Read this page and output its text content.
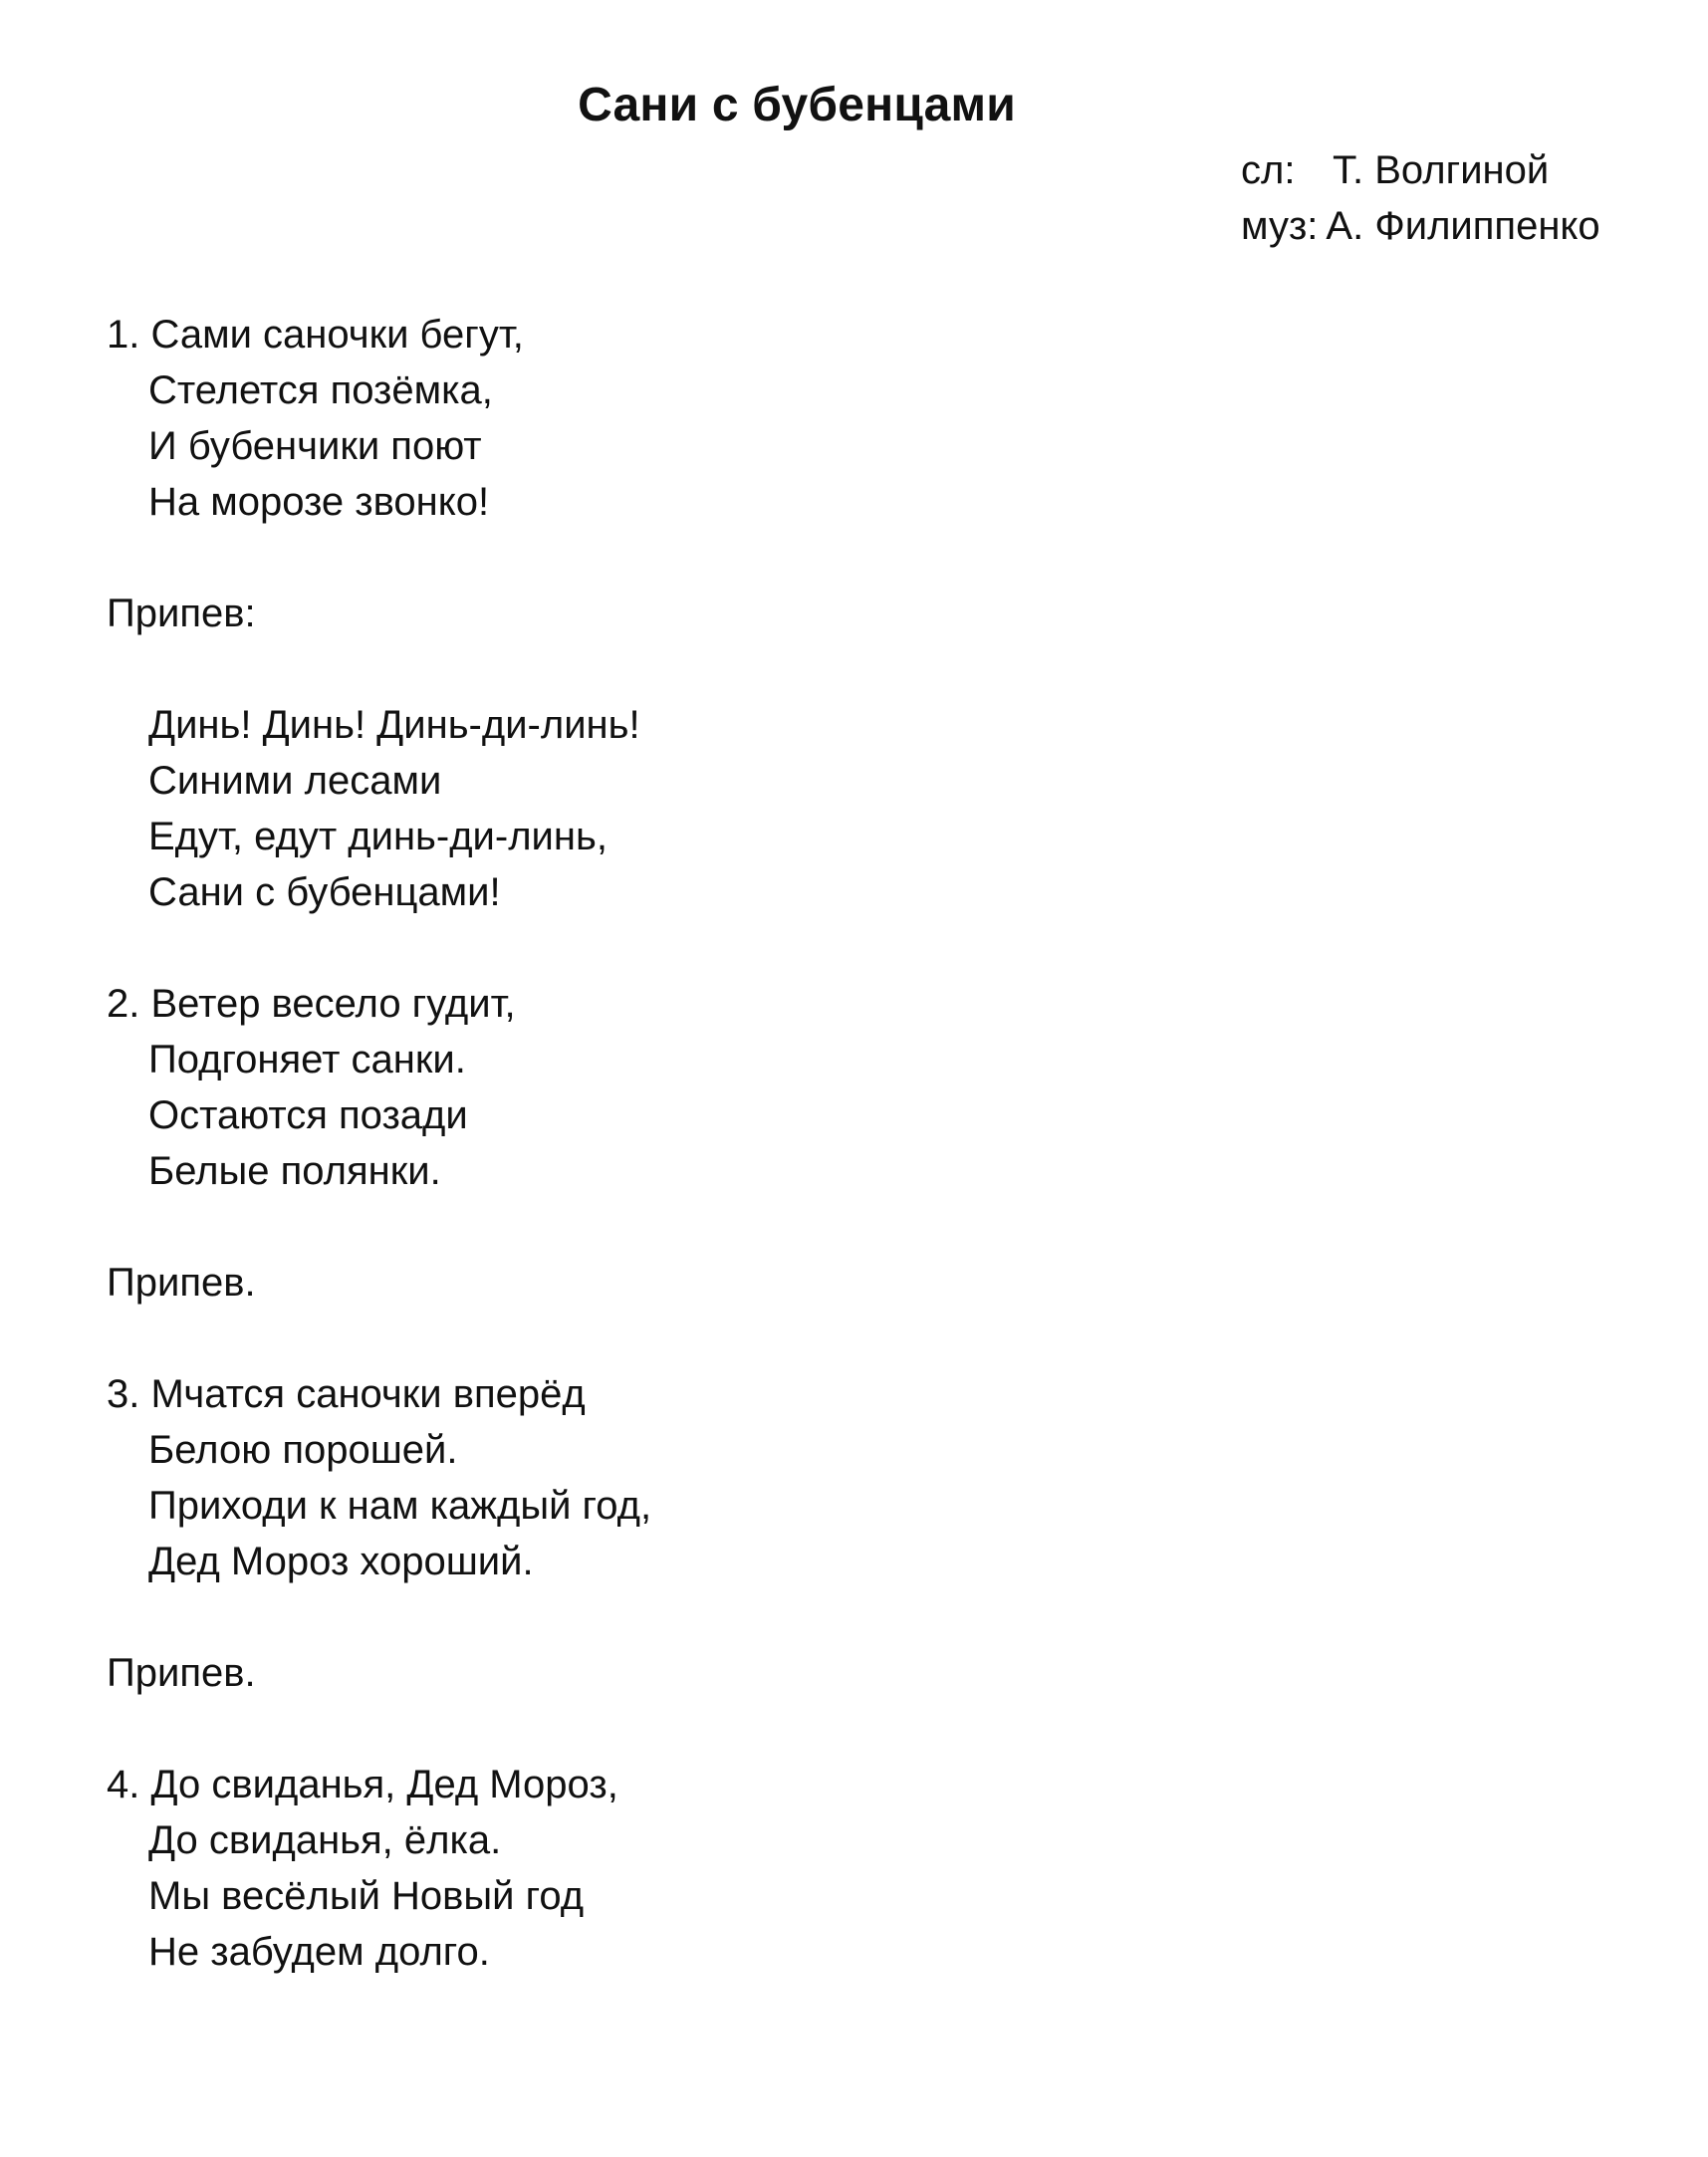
Сани с бубенцами
сл: Т. Волгиной
муз: А. Филиппенко
1. Сами саночки бегут,
Стелется позёмка,
И бубенчики поют
На морозе звонко!
Припев:
Динь! Динь! Динь-ди-линь!
Синими лесами
Едут, едут динь-ди-линь,
Сани с бубенцами!
2. Ветер весело гудит,
Подгоняет санки.
Остаются позади
Белые полянки.
Припев.
3. Мчатся саночки вперёд
Белою порошей.
Приходи к нам каждый год,
Дед Мороз хороший.
Припев.
4. До свиданья, Дед Мороз,
До свиданья, ёлка.
Мы весёлый Новый год
Не забудем долго.
